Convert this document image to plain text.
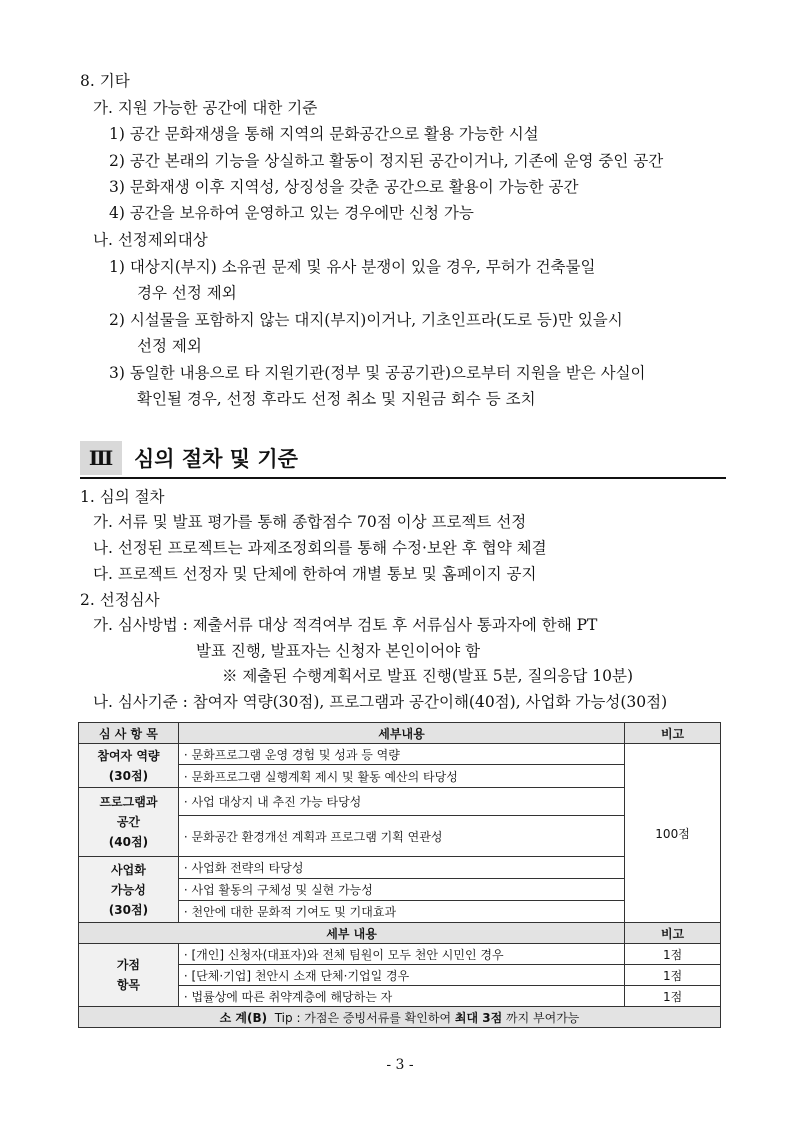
8. 기타
가. 지원 가능한 공간에 대한 기준
1) 공간 문화재생을 통해 지역의 문화공간으로 활용 가능한 시설
2) 공간 본래의 기능을 상실하고 활동이 정지된 공간이거나, 기존에 운영 중인 공간
3) 문화재생 이후 지역성, 상징성을 갖춘 공간으로 활용이 가능한 공간
4) 공간을 보유하여 운영하고 있는 경우에만 신청 가능
나. 선정제외대상
1) 대상지(부지) 소유권 문제 및 유사 분쟁이 있을 경우, 무허가 건축물일
경우 선정 제외
2) 시설물을 포함하지 않는 대지(부지)이거나, 기초인프라(도로 등)만 있을시
선정 제외
3) 동일한 내용으로 타 지원기관(정부 및 공공기관)으로부터 지원을 받은 사실이
확인될 경우, 선정 후라도 선정 취소 및 지원금 회수 등 조치
Ⅲ 심의 절차 및 기준
1. 심의 절차
가. 서류 및 발표 평가를 통해 종합점수 70점 이상 프로젝트 선정
나. 선정된 프로젝트는 과제조정회의를 통해 수정·보완 후 협약 체결
다. 프로젝트 선정자 및 단체에 한하여 개별 통보 및 홈페이지 공지
2. 선정심사
가. 심사방법 : 제출서류 대상 적격여부 검토 후 서류심사 통과자에 한해 PT
발표 진행, 발표자는 신청자 본인이어야 함
※ 제출된 수행계획서로 발표 진행(발표 5분, 질의응답 10분)
나. 심사기준 : 참여자 역량(30점), 프로그램과 공간이해(40점), 사업화 가능성(30점)
심 사 항 목	세부내용	비고
참여자 역량
(30점)	· 문화프로그램 운영 경험 및 성과 등 역량	100점
	· 문화프로그램 실행계획 제시 및 활동 예산의 타당성	
프로그램과
공간
(40점)	· 사업 대상지 내 추진 가능 타당성	
	· 문화공간 환경개선 계획과 프로그램 기획 연관성	
사업화
가능성
(30점)	· 사업화 전략의 타당성	
	· 사업 활동의 구체성 및 실현 가능성	
	· 천안에 대한 문화적 기여도 및 기대효과	
세부 내용		비고
가점
항목	· [개인] 신청자(대표자)와 전체 팀원이 모두 천안 시민인 경우	1점
	· [단체·기업] 천안시 소재 단체·기업일 경우	1점
	· 법률상에 따른 취약계층에 해당하는 자	1점
소 계(B) Tip : 가점은 증빙서류를 확인하여 최대 3점 까지 부여가능		
- 3 -
